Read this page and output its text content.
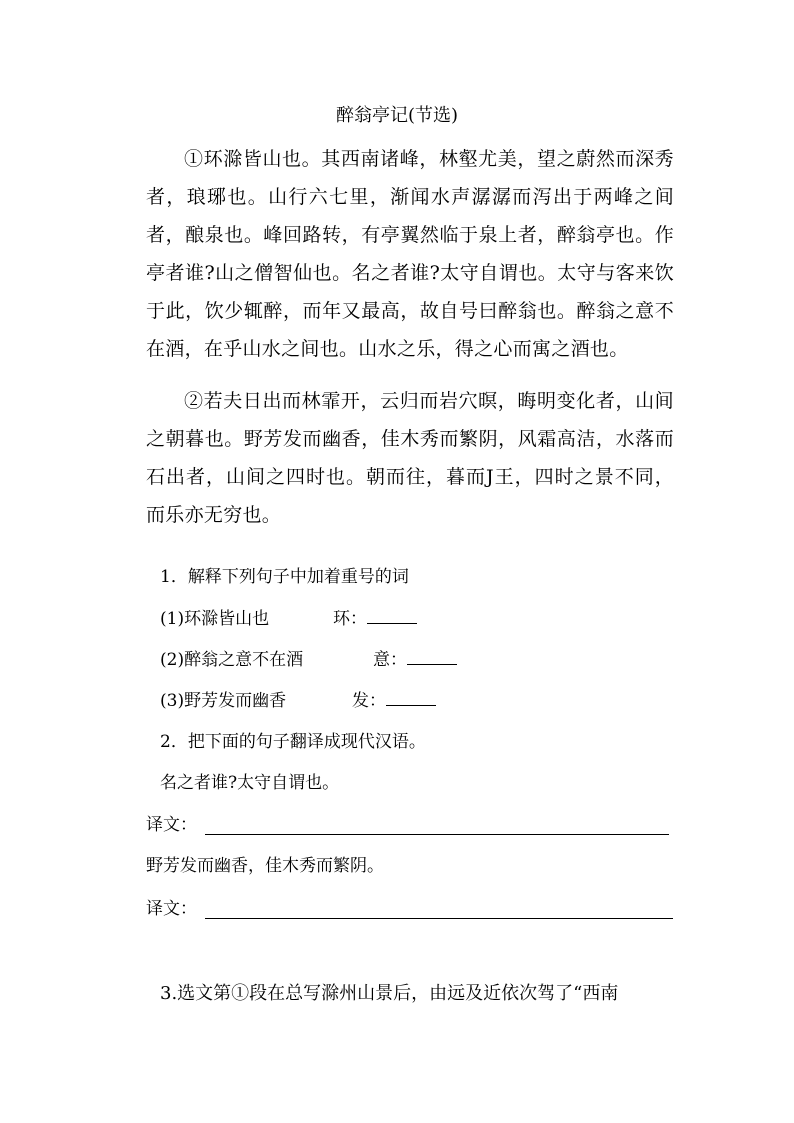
醉翁亭记(节选)

①环滁皆山也。其西南诸峰，林壑尤美，望之蔚然而深秀者，琅琊也。山行六七里，渐闻水声潺潺而泻出于两峰之间者，酿泉也。峰回路转，有亭翼然临于泉上者，醉翁亭也。作亭者谁?山之僧智仙也。名之者谁?太守自谓也。太守与客来饮于此，饮少辄醉，而年又最高，故自号曰醉翁也。醉翁之意不在酒，在乎山水之间也。山水之乐，得之心而寓之酒也。

②若夫日出而林霏开，云归而岩穴暝，晦明变化者，山间之朝暮也。野芳发而幽香，佳木秀而繁阴，风霜高洁，水落而石出者，山间之四时也。朝而往，暮而J王，四时之景不同，而乐亦无穷也。

1．解释下列句子中加着重号的词
(1)环滁皆山也	环：
(2)醉翁之意不在酒	意：
(3)野芳发而幽香	发：
2．把下面的句子翻译成现代汉语。
名之者谁?太守自谓也。
译文：
野芳发而幽香，佳木秀而繁阴。
译文：
3.选文第①段在总写滁州山景后，由远及近依次驾了“西南
